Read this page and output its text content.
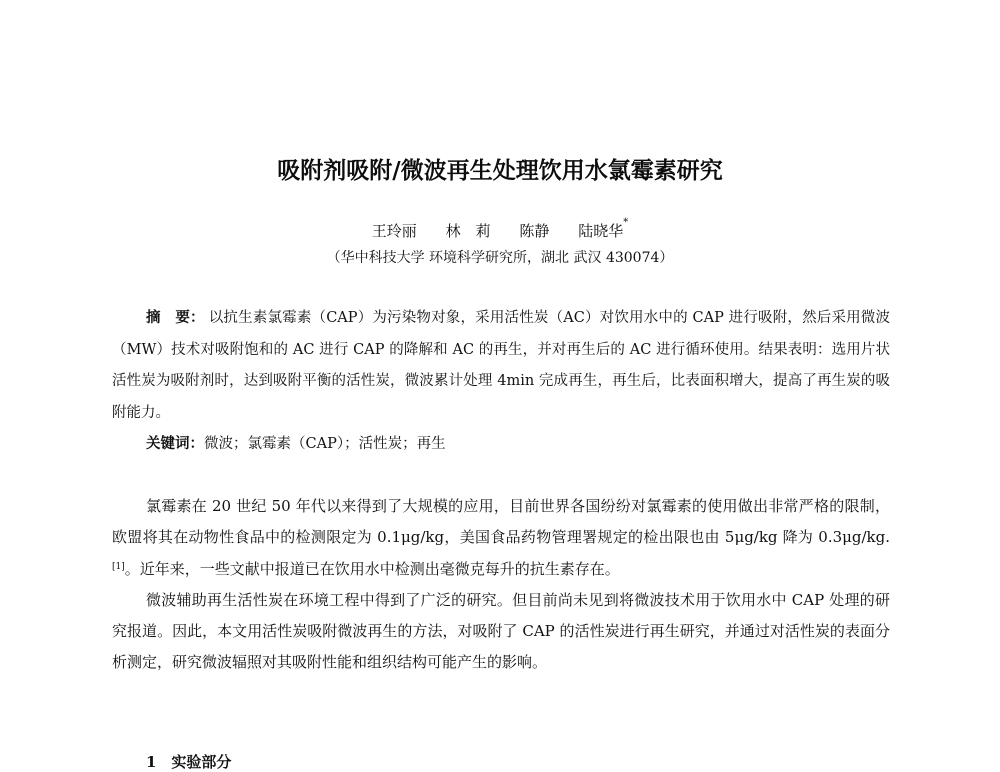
吸附剂吸附/微波再生处理饮用水氯霉素研究
王玲丽 林　莉 陈静 陆晓华*
（华中科技大学 环境科学研究所，湖北 武汉 430074）
摘　要： 以抗生素氯霉素（CAP）为污染物对象，采用活性炭（AC）对饮用水中的 CAP 进行吸附，然后采用微波（MW）技术对吸附饱和的 AC 进行 CAP 的降解和 AC 的再生，并对再生后的 AC 进行循环使用。结果表明：选用片状活性炭为吸附剂时，达到吸附平衡的活性炭，微波累计处理 4min 完成再生，再生后，比表面积增大，提高了再生炭的吸附能力。
关键词：微波；氯霉素（CAP）；活性炭；再生

氯霉素在 20 世纪 50 年代以来得到了大规模的应用，目前世界各国纷纷对氯霉素的使用做出非常严格的限制，欧盟将其在动物性食品中的检测限定为 0.1μg/kg，美国食品药物管理署规定的检出限也由 5μg/kg 降为 0.3μg/kg.[1]。近年来，一些文献中报道已在饮用水中检测出毫微克每升的抗生素存在。

微波辅助再生活性炭在环境工程中得到了广泛的研究。但目前尚未见到将微波技术用于饮用水中 CAP 处理的研究报道。因此，本文用活性炭吸附微波再生的方法，对吸附了 CAP 的活性炭进行再生研究，并通过对活性炭的表面分析测定，研究微波辐照对其吸附性能和组织结构可能产生的影响。

1　实验部分
